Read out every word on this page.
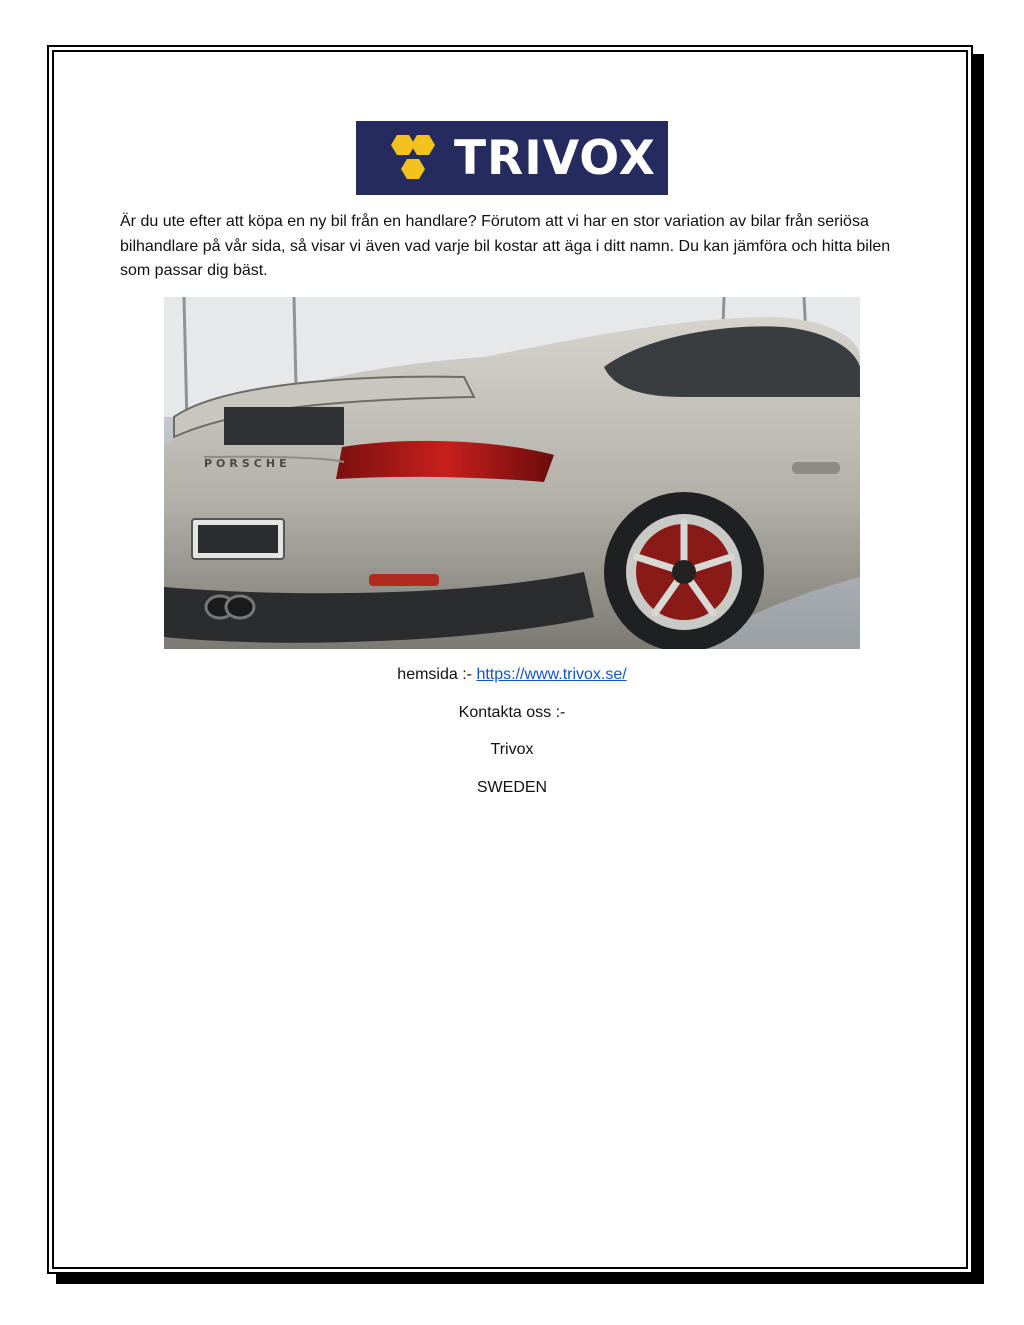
TRIVOX

Är du ute efter att köpa en ny bil från en handlare? Förutom att vi har en stor variation av bilar från seriösa bilhandlare på vår sida, så visar vi även vad varje bil kostar att äga i ditt namn. Du kan jämföra och hitta bilen som passar dig bäst.

PORSCHE

hemsida :- https://www.trivox.se/

Kontakta oss :-

Trivox

SWEDEN
